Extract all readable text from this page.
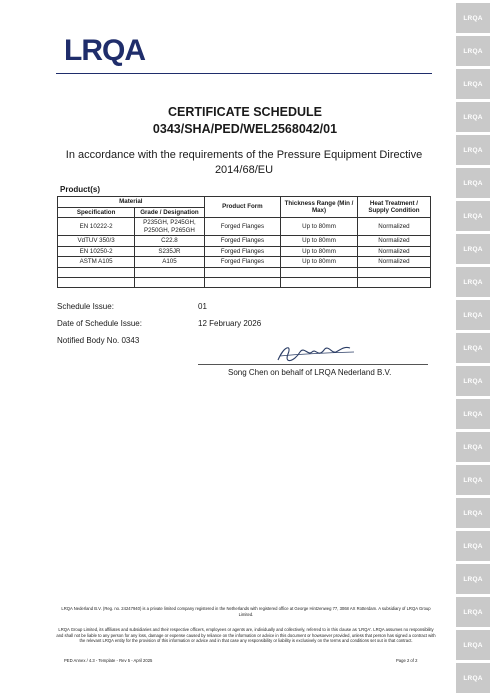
LRQA
CERTIFICATE SCHEDULE
0343/SHA/PED/WEL2568042/01
In accordance with the requirements of the Pressure Equipment Directive 2014/68/EU
Product(s)
Material		Product Form	Thickness Range (Min / Max)	Heat Treatment / Supply Condition
Specification	Grade / Designation			
EN 10222-2	P235GH, P245GH, P250GH, P265GH	Forged Flanges	Up to 80mm	Normalized
VdTUV 350/3	C22.8	Forged Flanges	Up to 80mm	Normalized
EN 10250-2	S235JR	Forged Flanges	Up to 80mm	Normalized
ASTM A105	A105	Forged Flanges	Up to 80mm	Normalized

Schedule Issue:	01
Date of Schedule Issue:	12 February 2026
Notified Body No. 0343
Song Chen on behalf of LRQA Nederland B.V.
LRQA Nederland B.V. (Reg. no. 24247940) is a private limited company registered in the Netherlands with registered office at George Hintzenweg 77, 3068 AX Rotterdam. A subsidiary of LRQA Group Limited.
LRQA Group Limited, its affiliates and subsidiaries and their respective officers, employees or agents are, individually and collectively, referred to in this clause as 'LRQA'. LRQA assumes no responsibility and shall not be liable to any person for any loss, damage or expense caused by reliance on the information or advice in this document or howsoever provided, unless that person has signed a contract with the relevant LRQA entity for the provision of this information or advice and in that case any responsibility or liability is exclusively on the terms and conditions set out in that contract.
PED Annex / 4.3 - Template - Rev 5 - April 2025	Page 2 of 2
LRQA
LRQA
LRQA
LRQA
LRQA
LRQA
LRQA
LRQA
LRQA
LRQA
LRQA
LRQA
LRQA
LRQA
LRQA
LRQA
LRQA
LRQA
LRQA
LRQA
LRQA
